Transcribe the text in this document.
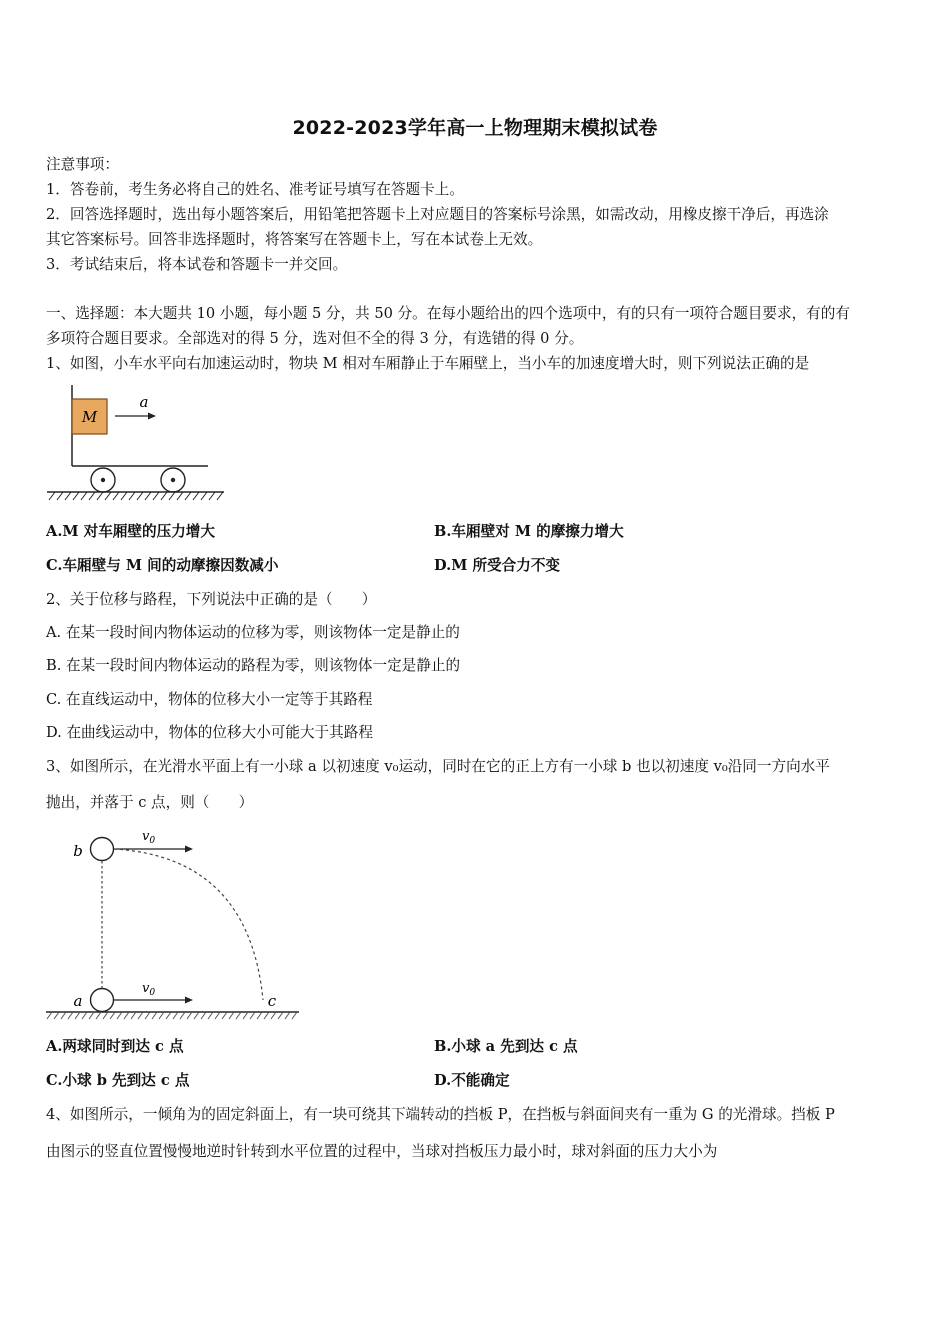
2022-2023学年高一上物理期末模拟试卷
注意事项：
1．答卷前，考生务必将自己的姓名、准考证号填写在答题卡上。
2．回答选择题时，选出每小题答案后，用铅笔把答题卡上对应题目的答案标号涂黑，如需改动，用橡皮擦干净后，再选涂
其它答案标号。回答非选择题时，将答案写在答题卡上，写在本试卷上无效。
3．考试结束后，将本试卷和答题卡一并交回。
一、选择题：本大题共 10 小题，每小题 5 分，共 50 分。在每小题给出的四个选项中，有的只有一项符合题目要求，有的有
多项符合题目要求。全部选对的得 5 分，选对但不全的得 3 分，有选错的得 0 分。
1、如图，小车水平向右加速运动时，物块 M 相对车厢静止于车厢壁上，当小车的加速度增大时，则下列说法正确的是
M
a
A.M 对车厢壁的压力增大	B.车厢壁对 M 的摩擦力增大
C.车厢壁与 M 间的动摩擦因数减小	D.M 所受合力不变
2、关于位移与路程，下列说法中正确的是（　　）
A. 在某一段时间内物体运动的位移为零，则该物体一定是静止的
B. 在某一段时间内物体运动的路程为零，则该物体一定是静止的
C. 在直线运动中，物体的位移大小一定等于其路程
D. 在曲线运动中，物体的位移大小可能大于其路程
3、如图所示，在光滑水平面上有一小球 a 以初速度 v₀运动，同时在它的正上方有一小球 b 也以初速度 v₀沿同一方向水平
抛出，并落于 c 点，则（　　）
b
$v_0$
a
$v_0$	c
A.两球同时到达 c 点	B.小球 a 先到达 c 点
C.小球 b 先到达 c 点	D.不能确定
4、如图所示，一倾角为的固定斜面上，有一块可绕其下端转动的挡板 P，在挡板与斜面间夹有一重为 G 的光滑球。挡板 P
由图示的竖直位置慢慢地逆时针转到水平位置的过程中，当球对挡板压力最小时，球对斜面的压力大小为
